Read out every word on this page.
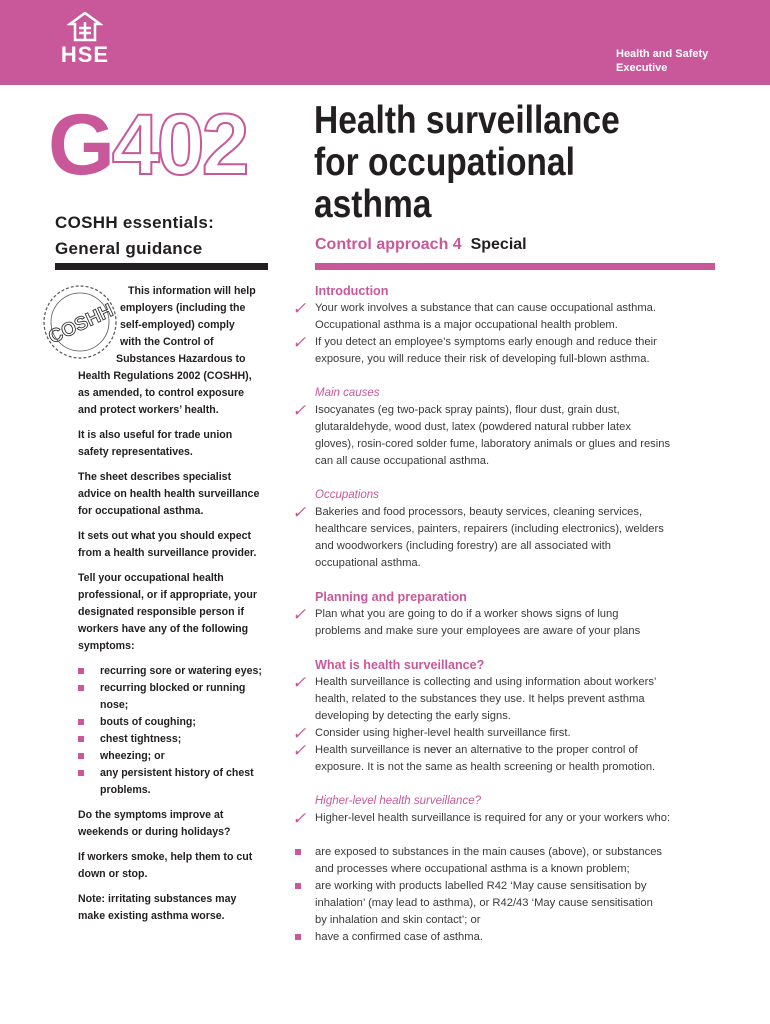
HSE	Health and Safety
Executive
G402
COSHH essentials:
General guidance
Health surveillance
for occupational
asthma
Control approach 4 Special
COSHH

This information will help
employers (including the
self-employed) comply
with the Control of
Substances Hazardous to
Health Regulations 2002 (COSHH),
as amended, to control exposure
and protect workers’ health.

It is also useful for trade union
safety representatives.

The sheet describes specialist
advice on health health surveillance
for occupational asthma.

It sets out what you should expect
from a health surveillance provider.

Tell your occupational health
professional, or if appropriate, your
designated responsible person if
workers have any of the following
symptoms:

recurring sore or watering eyes;
recurring blocked or running
nose;
bouts of coughing;
chest tightness;
wheezing; or
any persistent history of chest
problems.

Do the symptoms improve at
weekends or during holidays?

If workers smoke, help them to cut
down or stop.

Note: irritating substances may
make existing asthma worse.

Introduction
✓ Your work involves a substance that can cause occupational asthma.
Occupational asthma is a major occupational health problem.
✓ If you detect an employee’s symptoms early enough and reduce their
exposure, you will reduce their risk of developing full-blown asthma.
Main causes
✓ Isocyanates (eg two-pack spray paints), flour dust, grain dust,
glutaraldehyde, wood dust, latex (powdered natural rubber latex
gloves), rosin-cored solder fume, laboratory animals or glues and resins
can all cause occupational asthma.
Occupations
✓ Bakeries and food processors, beauty services, cleaning services,
healthcare services, painters, repairers (including electronics), welders
and woodworkers (including forestry) are all associated with
occupational asthma.
Planning and preparation
✓ Plan what you are going to do if a worker shows signs of lung
problems and make sure your employees are aware of your plans
What is health surveillance?
✓ Health surveillance is collecting and using information about workers’
health, related to the substances they use. It helps prevent asthma
developing by detecting the early signs.
✓ Consider using higher-level health surveillance first.
✓ Health surveillance is never an alternative to the proper control of
exposure. It is not the same as health screening or health promotion.
Higher-level health surveillance?
✓ Higher-level health surveillance is required for any or your workers who:
are exposed to substances in the main causes (above), or substances
and processes where occupational asthma is a known problem;
are working with products labelled R42 ‘May cause sensitisation by
inhalation’ (may lead to asthma), or R42/43 ‘May cause sensitisation
by inhalation and skin contact’; or
have a confirmed case of asthma.
